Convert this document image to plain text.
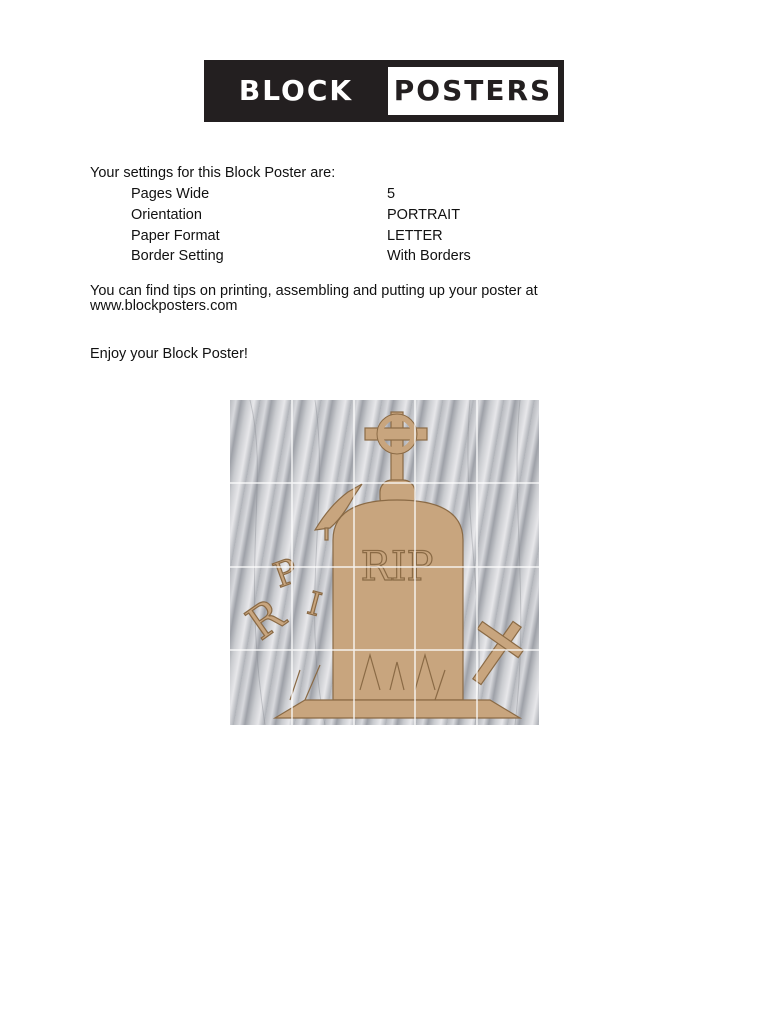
BLOCK	POSTERS
Your settings for this Block Poster are:
Pages Wide	5
Orientation	PORTRAIT
Paper Format	LETTER
Border Setting	With Borders
You can find tips on printing, assembling and putting up your poster at www.blockposters.com
Enjoy your Block Poster!
R
P
I
RIP
